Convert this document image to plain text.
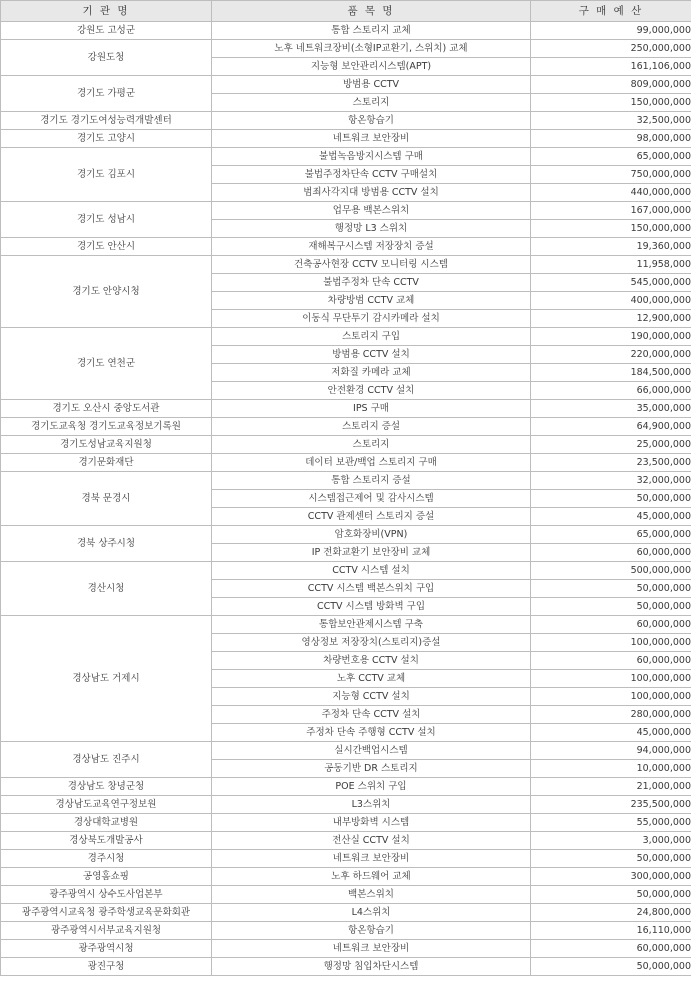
기 관 명	품 목 명	구 매 예 산
강원도 고성군	통합 스토리지 교체	99,000,000
강원도청	노후 네트워크장비(소형IP교환기, 스위치) 교체	250,000,000
	지능형 보안관리시스템(APT)	161,106,000
경기도 가평군	방범용 CCTV	809,000,000
	스토리지	150,000,000
경기도 경기도여성능력개발센터	항온항습기	32,500,000
경기도 고양시	네트워크 보안장비	98,000,000
경기도 김포시	불법녹음방지시스템 구매	65,000,000
	불법주정차단속 CCTV 구매설치	750,000,000
	범죄사각지대 방범용 CCTV 설치	440,000,000
경기도 성남시	업무용 백본스위치	167,000,000
	행정망 L3 스위치	150,000,000
경기도 안산시	재해복구시스템 저장장치 증설	19,360,000
경기도 안양시청	건축공사현장 CCTV 모니터링 시스템	11,958,000
	불법주정차 단속 CCTV	545,000,000
	차량방범 CCTV 교체	400,000,000
	이동식 무단투기 감시카메라 설치	12,900,000
경기도 연천군	스토리지 구입	190,000,000
	방범용 CCTV 설치	220,000,000
	저화질 카메라 교체	184,500,000
	안전환경 CCTV 설치	66,000,000
경기도 오산시 중앙도서관	IPS 구매	35,000,000
경기도교육청 경기도교육정보기록원	스토리지 증설	64,900,000
경기도성남교육지원청	스토리지	25,000,000
경기문화재단	데이터 보관/백업 스토리지 구매	23,500,000
경북 문경시	통합 스토리지 증설	32,000,000
	시스템접근제어 및 감사시스템	50,000,000
	CCTV 관제센터 스토리지 증설	45,000,000
경북 상주시청	암호화장비(VPN)	65,000,000
	IP 전화교환기 보안장비 교체	60,000,000
경산시청	CCTV 시스템 설치	500,000,000
	CCTV 시스템 백본스위치 구입	50,000,000
	CCTV 시스템 방화벽 구입	50,000,000
경상남도 거제시	통합보안관제시스템 구축	60,000,000
	영상정보 저장장치(스토리지)증설	100,000,000
	차량번호용 CCTV 설치	60,000,000
	노후 CCTV 교체	100,000,000
	지능형 CCTV 설치	100,000,000
	주정차 단속 CCTV 설치	280,000,000
	주정차 단속 주행형 CCTV 설치	45,000,000
경상남도 진주시	실시간백업시스템	94,000,000
	공동기반 DR 스토리지	10,000,000
경상남도 창녕군청	POE 스위치 구입	21,000,000
경상남도교육연구정보원	L3스위치	235,500,000
경상대학교병원	내부방화벽 시스템	55,000,000
경상북도개발공사	전산실 CCTV 설치	3,000,000
경주시청	네트워크 보안장비	50,000,000
공영홈쇼핑	노후 하드웨어 교체	300,000,000
광주광역시 상수도사업본부	백본스위치	50,000,000
광주광역시교육청 광주학생교육문화회관	L4스위치	24,800,000
광주광역시서부교육지원청	항온항습기	16,110,000
광주광역시청	네트워크 보안장비	60,000,000
광진구청	행정망 침입차단시스템	50,000,000
